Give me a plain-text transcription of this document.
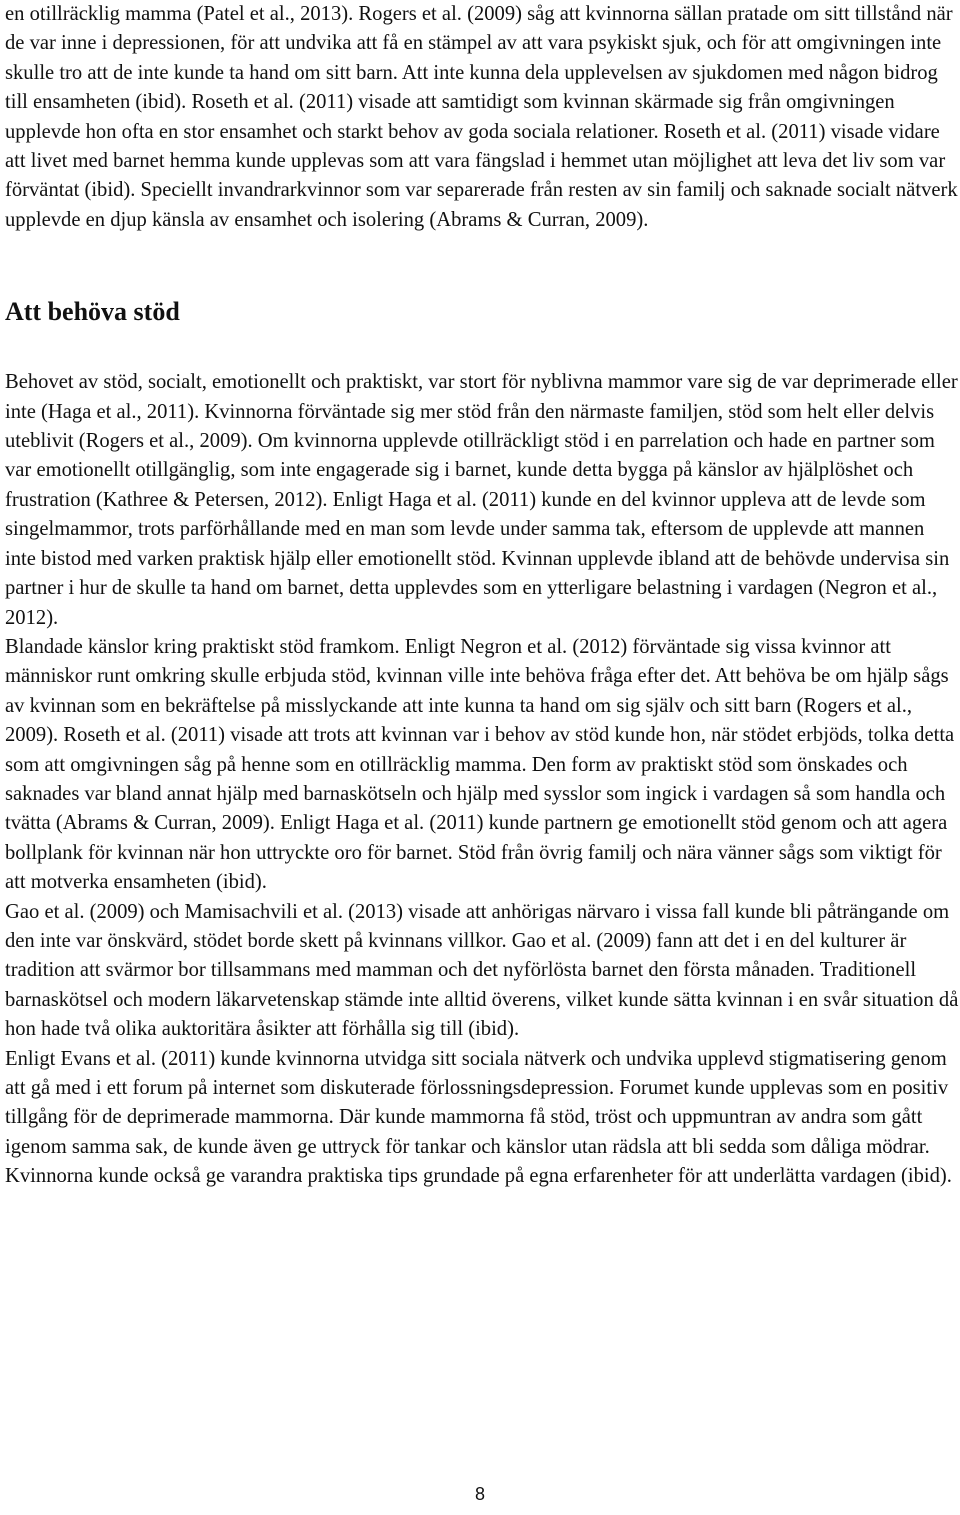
en otillräcklig mamma (Patel et al., 2013). Rogers et al. (2009) såg att kvinnorna sällan pratade om sitt tillstånd när de var inne i depressionen, för att undvika att få en stämpel av att vara psykiskt sjuk, och för att omgivningen inte skulle tro att de inte kunde ta hand om sitt barn. Att inte kunna dela upplevelsen av sjukdomen med någon bidrog till ensamheten (ibid). Roseth et al. (2011) visade att samtidigt som kvinnan skärmade sig från omgivningen upplevde hon ofta en stor ensamhet och starkt behov av goda sociala relationer. Roseth et al. (2011) visade vidare att livet med barnet hemma kunde upplevas som att vara fängslad i hemmet utan möjlighet att leva det liv som var förväntat (ibid). Speciellt invandrarkvinnor som var separerade från resten av sin familj och saknade socialt nätverk upplevde en djup känsla av ensamhet och isolering (Abrams & Curran, 2009).

Att behöva stöd

Behovet av stöd, socialt, emotionellt och praktiskt, var stort för nyblivna mammor vare sig de var deprimerade eller inte (Haga et al., 2011). Kvinnorna förväntade sig mer stöd från den närmaste familjen, stöd som helt eller delvis uteblivit (Rogers et al., 2009). Om kvinnorna upplevde otillräckligt stöd i en parrelation och hade en partner som var emotionellt otillgänglig, som inte engagerade sig i barnet, kunde detta bygga på känslor av hjälplöshet och frustration (Kathree & Petersen, 2012). Enligt Haga et al. (2011) kunde en del kvinnor uppleva att de levde som singelmammor, trots parförhållande med en man som levde under samma tak, eftersom de upplevde att mannen inte bistod med varken praktisk hjälp eller emotionellt stöd. Kvinnan upplevde ibland att de behövde undervisa sin partner i hur de skulle ta hand om barnet, detta upplevdes som en ytterligare belastning i vardagen (Negron et al., 2012).

Blandade känslor kring praktiskt stöd framkom. Enligt Negron et al. (2012) förväntade sig vissa kvinnor att människor runt omkring skulle erbjuda stöd, kvinnan ville inte behöva fråga efter det. Att behöva be om hjälp sågs av kvinnan som en bekräftelse på misslyckande att inte kunna ta hand om sig själv och sitt barn (Rogers et al., 2009). Roseth et al. (2011) visade att trots att kvinnan var i behov av stöd kunde hon, när stödet erbjöds, tolka detta som att omgivningen såg på henne som en otillräcklig mamma. Den form av praktiskt stöd som önskades och saknades var bland annat hjälp med barnaskötseln och hjälp med sysslor som ingick i vardagen så som handla och tvätta (Abrams & Curran, 2009). Enligt Haga et al. (2011) kunde partnern ge emotionellt stöd genom och att agera bollplank för kvinnan när hon uttryckte oro för barnet. Stöd från övrig familj och nära vänner sågs som viktigt för att motverka ensamheten (ibid).

Gao et al. (2009) och Mamisachvili et al. (2013) visade att anhörigas närvaro i vissa fall kunde bli påträngande om den inte var önskvärd, stödet borde skett på kvinnans villkor. Gao et al. (2009) fann att det i en del kulturer är tradition att svärmor bor tillsammans med mamman och det nyförlösta barnet den första månaden. Traditionell barnaskötsel och modern läkarvetenskap stämde inte alltid överens, vilket kunde sätta kvinnan i en svår situation då hon hade två olika auktoritära åsikter att förhålla sig till (ibid).

Enligt Evans et al. (2011) kunde kvinnorna utvidga sitt sociala nätverk och undvika upplevd stigmatisering genom att gå med i ett forum på internet som diskuterade förlossningsdepression. Forumet kunde upplevas som en positiv tillgång för de deprimerade mammorna. Där kunde mammorna få stöd, tröst och uppmuntran av andra som gått igenom samma sak, de kunde även ge uttryck för tankar och känslor utan rädsla att bli sedda som dåliga mödrar. Kvinnorna kunde också ge varandra praktiska tips grundade på egna erfarenheter för att underlätta vardagen (ibid).

8
